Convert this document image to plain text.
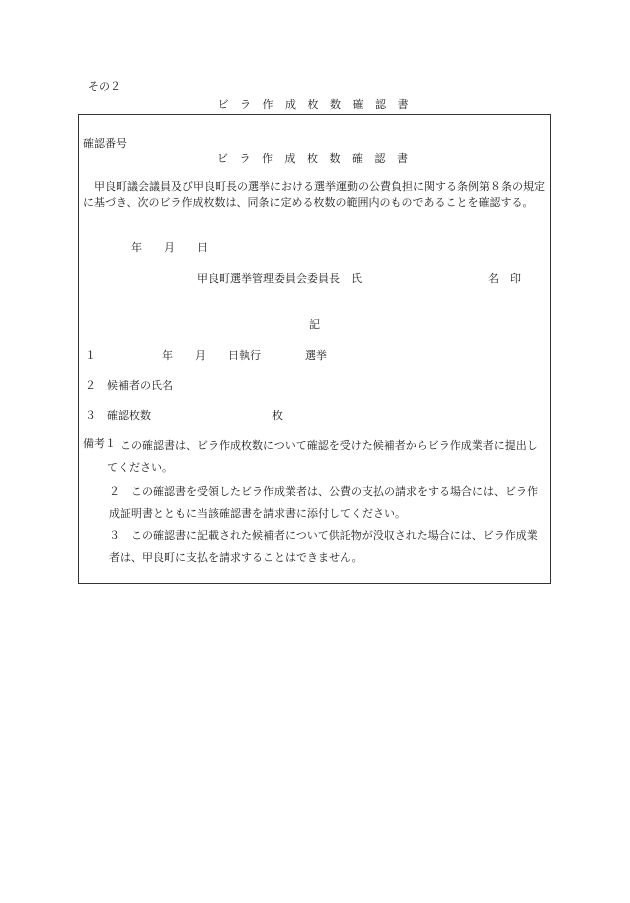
その２
ビ ラ 作 成 枚 数 確 認 書
確認番号
ビ ラ 作 成 枚 数 確 認 書
甲良町議会議員及び甲良町長の選挙における選挙運動の公費負担に関する条例第８条の規定に基づき、次のビラ作成枚数は、同条に定める枚数の範囲内のものであることを確認する。
年　　月　　日
甲良町選挙管理委員会委員長　氏	名　印
記
１　　　　　　年　　月　　日執行　　　　選挙
２　候補者の氏名
３　確認枚数　　　　　　　　　　　枚
備考１ この確認書は、ビラ作成枚数について確認を受けた候補者からビラ作成業者に提出してください。
２　この確認書を受領したビラ作成業者は、公費の支払の請求をする場合には、ビラ作成証明書とともに当該確認書を請求書に添付してください。
３　この確認書に記載された候補者について供託物が没収された場合には、ビラ作成業者は、甲良町に支払を請求することはできません。
